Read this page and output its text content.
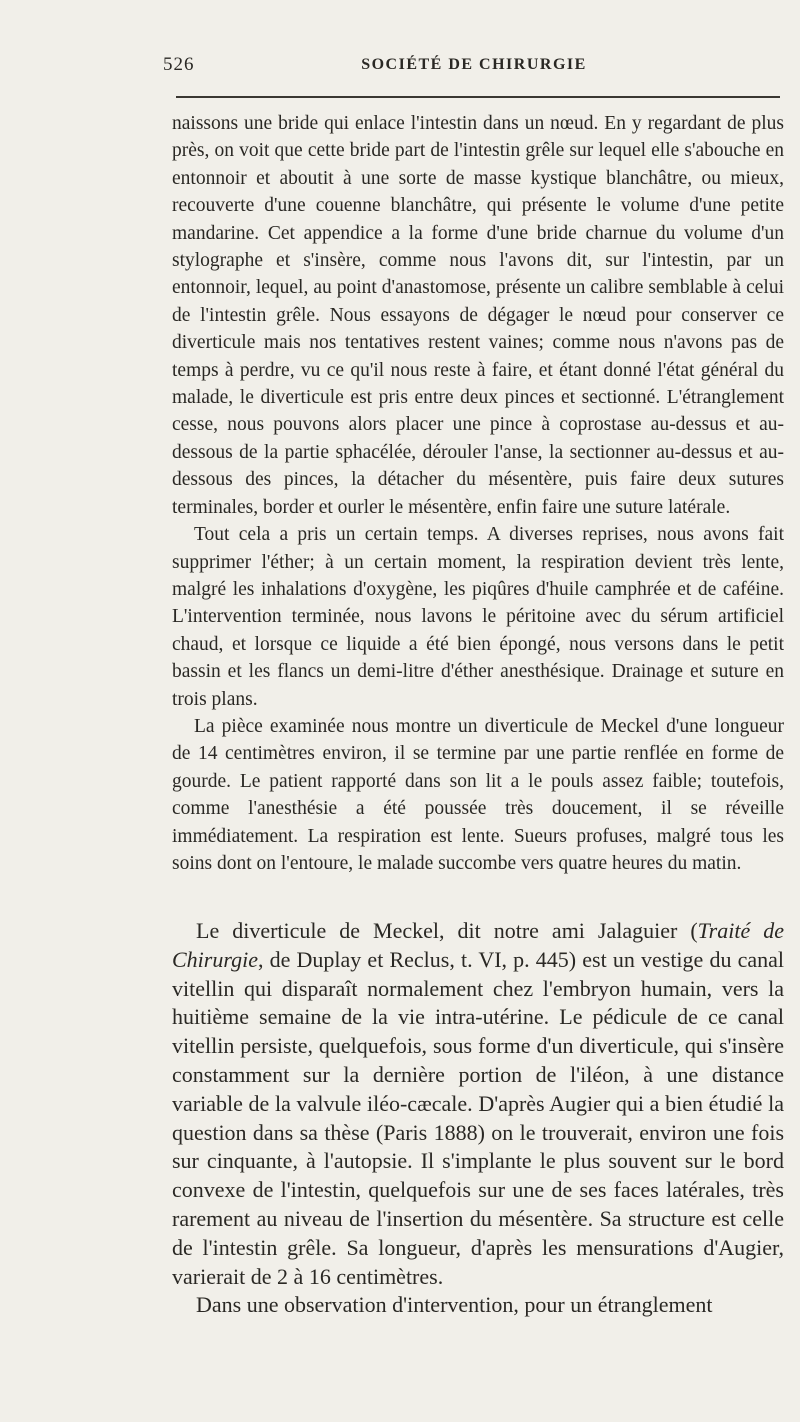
526	SOCIÉTÉ DE CHIRURGIE

naissons une bride qui enlace l'intestin dans un nœud. En y regardant de plus près, on voit que cette bride part de l'intestin grêle sur lequel elle s'abouche en entonnoir et aboutit à une sorte de masse kystique blanchâtre, ou mieux, recouverte d'une couenne blanchâtre, qui présente le volume d'une petite mandarine. Cet appendice a la forme d'une bride charnue du volume d'un stylographe et s'insère, comme nous l'avons dit, sur l'intestin, par un entonnoir, lequel, au point d'anastomose, présente un calibre semblable à celui de l'intestin grêle. Nous essayons de dégager le nœud pour conserver ce diverticule mais nos tentatives restent vaines; comme nous n'avons pas de temps à perdre, vu ce qu'il nous reste à faire, et étant donné l'état général du malade, le diverticule est pris entre deux pinces et sectionné. L'étranglement cesse, nous pouvons alors placer une pince à coprostase au-dessus et au-dessous de la partie sphacélée, dérouler l'anse, la sectionner au-dessus et au-dessous des pinces, la détacher du mésentère, puis faire deux sutures terminales, border et ourler le mésentère, enfin faire une suture latérale.

Tout cela a pris un certain temps. A diverses reprises, nous avons fait supprimer l'éther; à un certain moment, la respiration devient très lente, malgré les inhalations d'oxygène, les piqûres d'huile camphrée et de caféine. L'intervention terminée, nous lavons le péritoine avec du sérum artificiel chaud, et lorsque ce liquide a été bien épongé, nous versons dans le petit bassin et les flancs un demi-litre d'éther anesthésique. Drainage et suture en trois plans.

La pièce examinée nous montre un diverticule de Meckel d'une longueur de 14 centimètres environ, il se termine par une partie renflée en forme de gourde. Le patient rapporté dans son lit a le pouls assez faible; toutefois, comme l'anesthésie a été poussée très doucement, il se réveille immédiatement. La respiration est lente. Sueurs profuses, malgré tous les soins dont on l'entoure, le malade succombe vers quatre heures du matin.

Le diverticule de Meckel, dit notre ami Jalaguier (Traité de Chirurgie, de Duplay et Reclus, t. VI, p. 445) est un vestige du canal vitellin qui disparaît normalement chez l'embryon humain, vers la huitième semaine de la vie intra-utérine. Le pédicule de ce canal vitellin persiste, quelquefois, sous forme d'un diverticule, qui s'insère constamment sur la dernière portion de l'iléon, à une distance variable de la valvule iléo-cæcale. D'après Augier qui a bien étudié la question dans sa thèse (Paris 1888) on le trouverait, environ une fois sur cinquante, à l'autopsie. Il s'implante le plus souvent sur le bord convexe de l'intestin, quelquefois sur une de ses faces latérales, très rarement au niveau de l'insertion du mésentère. Sa structure est celle de l'intestin grêle. Sa longueur, d'après les mensurations d'Augier, varierait de 2 à 16 centimètres.

Dans une observation d'intervention, pour un étranglement
